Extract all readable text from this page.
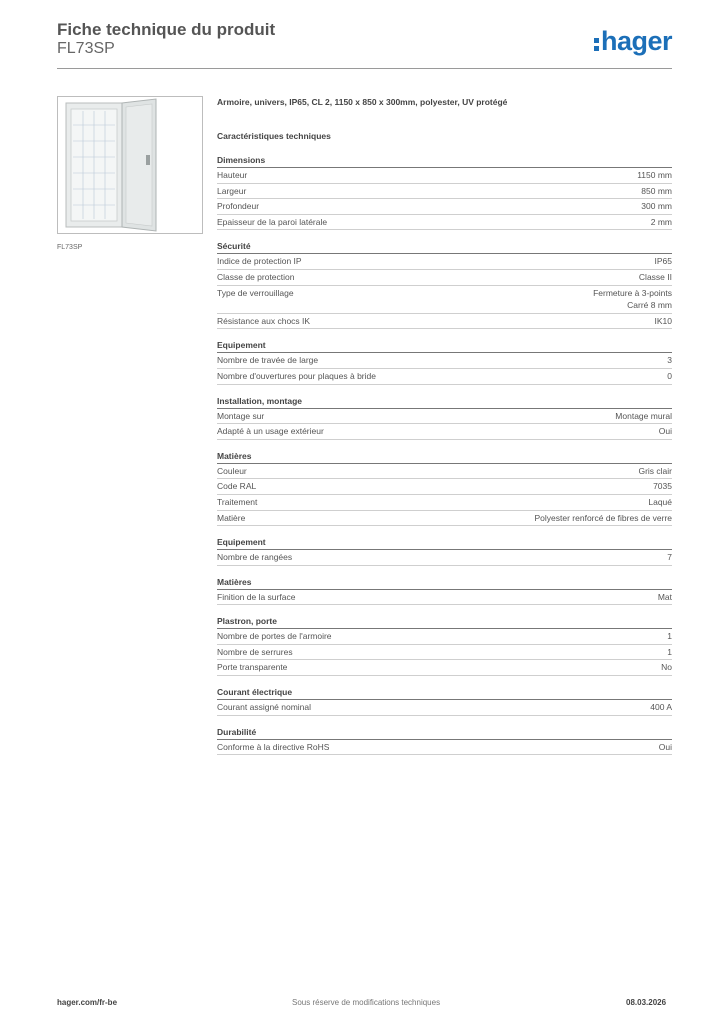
Fiche technique du produit
FL73SP	hager
FL73SP
Armoire, univers, IP65, CL 2, 1150 x 850 x 300mm, polyester, UV protégé
Caractéristiques techniques
Dimensions
Hauteur	1150 mm
Largeur	850 mm
Profondeur	300 mm
Epaisseur de la paroi latérale	2 mm
Sécurité
Indice de protection IP	IP65
Classe de protection	Classe II
Type de verrouillage	Fermeture à 3-points
Carré 8 mm
Résistance aux chocs IK	IK10
Equipement
Nombre de travée de large	3
Nombre d'ouvertures pour plaques à bride	0
Installation, montage
Montage sur	Montage mural
Adapté à un usage extérieur	Oui
Matières
Couleur	Gris clair
Code RAL	7035
Traitement	Laqué
Matière	Polyester renforcé de fibres de verre
Equipement
Nombre de rangées	7
Matières
Finition de la surface	Mat
Plastron, porte
Nombre de portes de l'armoire	1
Nombre de serrures	1
Porte transparente	No
Courant électrique
Courant assigné nominal	400 A
Durabilité
Conforme à la directive RoHS	Oui
hager.com/fr-be	Sous réserve de modifications techniques	08.03.2026
